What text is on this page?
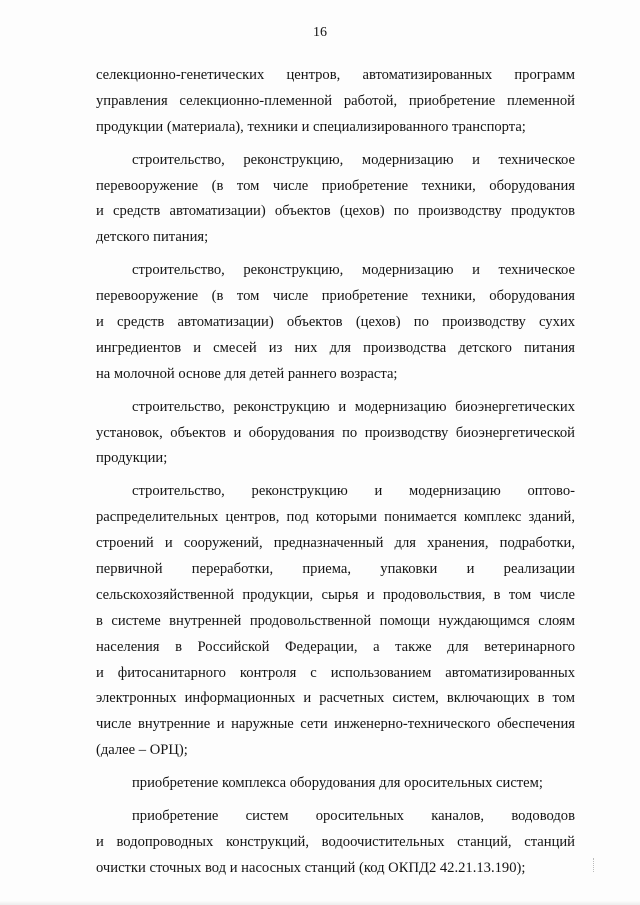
16
селекционно-генетических центров, автоматизированных программ
управления селекционно-племенной работой, приобретение племенной
продукции (материала), техники и специализированного транспорта;
строительство, реконструкцию, модернизацию и техническое
перевооружение (в том числе приобретение техники, оборудования
и средств автоматизации) объектов (цехов) по производству продуктов
детского питания;
строительство, реконструкцию, модернизацию и техническое
перевооружение (в том числе приобретение техники, оборудования
и средств автоматизации) объектов (цехов) по производству сухих
ингредиентов и смесей из них для производства детского питания
на молочной основе для детей раннего возраста;
строительство, реконструкцию и модернизацию биоэнергетических
установок, объектов и оборудования по производству биоэнергетической
продукции;
строительство, реконструкцию и модернизацию оптово-
распределительных центров, под которыми понимается комплекс зданий,
строений и сооружений, предназначенный для хранения, подработки,
первичной переработки, приема, упаковки и реализации
сельскохозяйственной продукции, сырья и продовольствия, в том числе
в системе внутренней продовольственной помощи нуждающимся слоям
населения в Российской Федерации, а также для ветеринарного
и фитосанитарного контроля с использованием автоматизированных
электронных информационных и расчетных систем, включающих в том
числе внутренние и наружные сети инженерно-технического обеспечения
(далее – ОРЦ);
приобретение комплекса оборудования для оросительных систем;
приобретение систем оросительных каналов, водоводов
и водопроводных конструкций, водоочистительных станций, станций
очистки сточных вод и насосных станций (код ОКПД2 42.21.13.190);
